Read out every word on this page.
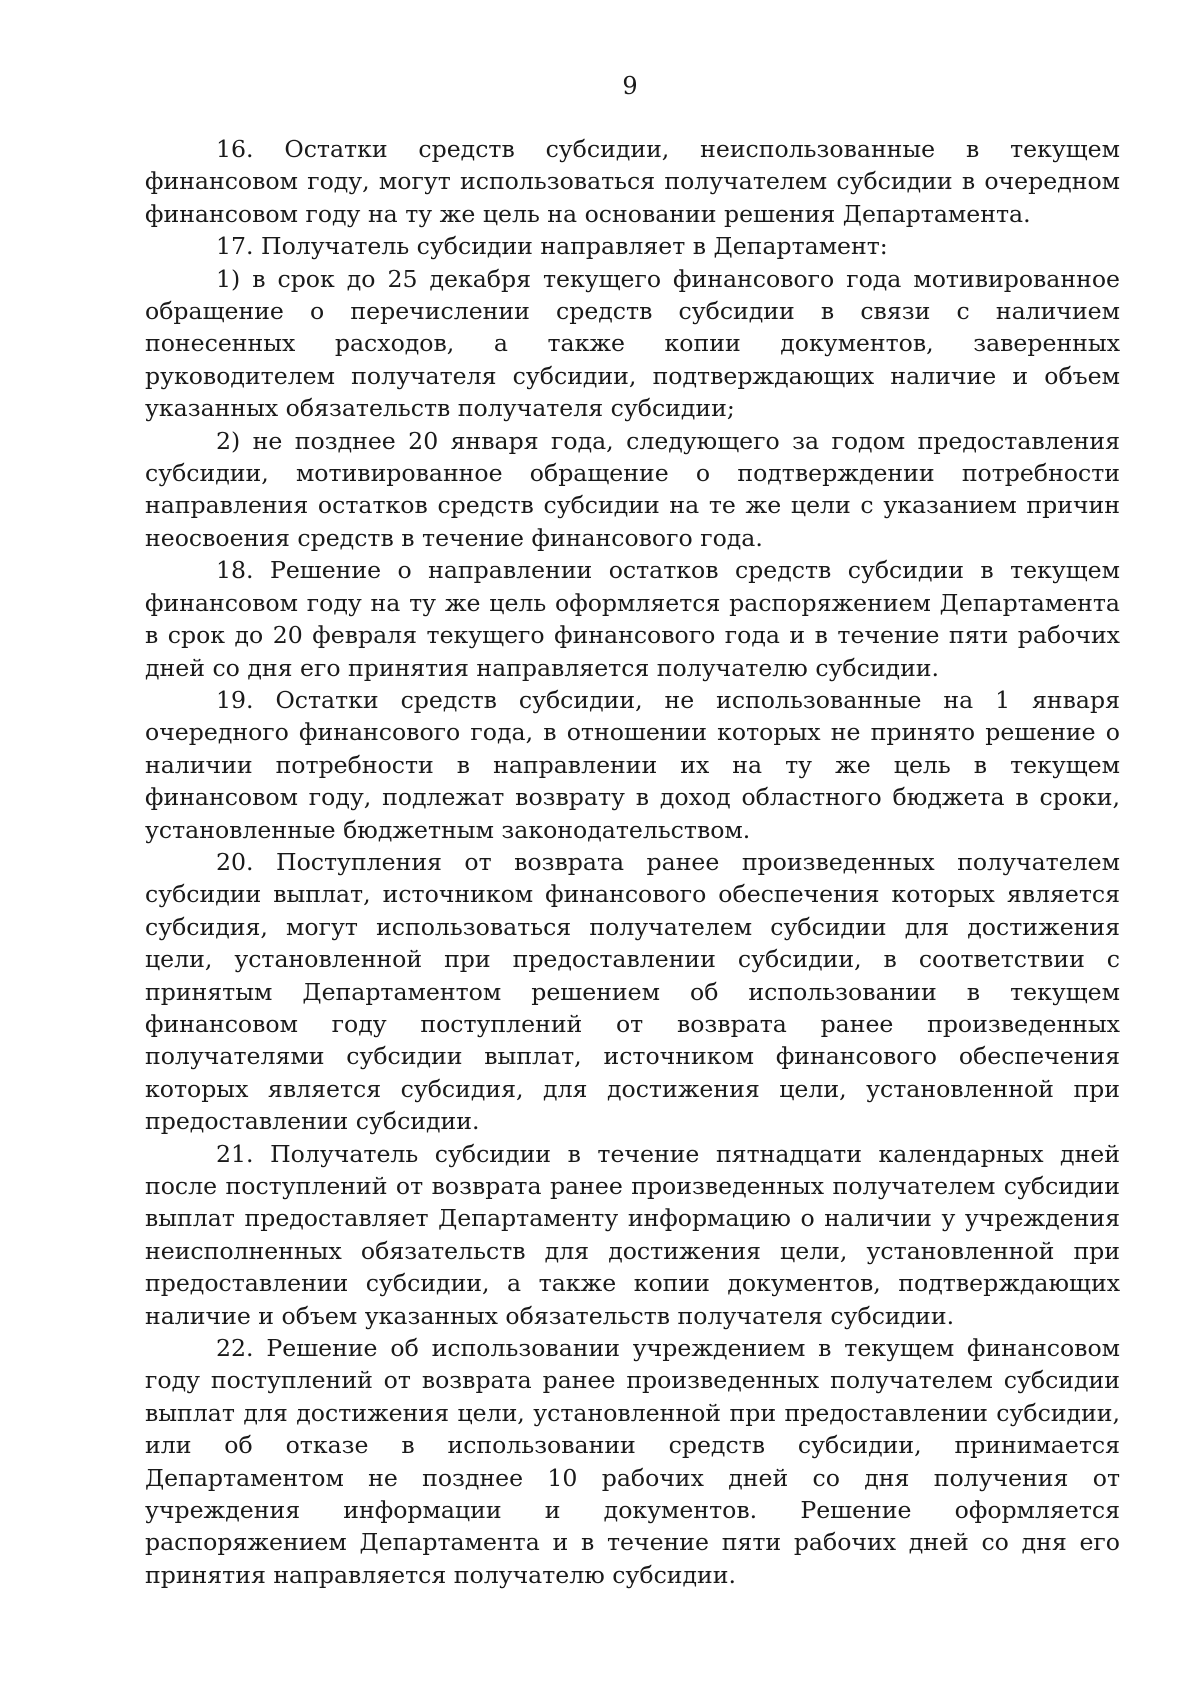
9

16. Остатки средств субсидии, неиспользованные в текущем финансовом году, могут использоваться получателем субсидии в очередном финансовом году на ту же цель на основании решения Департамента.

17. Получатель субсидии направляет в Департамент:

1) в срок до 25 декабря текущего финансового года мотивированное обращение о перечислении средств субсидии в связи с наличием понесенных расходов, а также копии документов, заверенных руководителем получателя субсидии, подтверждающих наличие и объем указанных обязательств получателя субсидии;

2) не позднее 20 января года, следующего за годом предоставления субсидии, мотивированное обращение о подтверждении потребности направления остатков средств субсидии на те же цели с указанием причин неосвоения средств в течение финансового года.

18. Решение о направлении остатков средств субсидии в текущем финансовом году на ту же цель оформляется распоряжением Департамента в срок до 20 февраля текущего финансового года и в течение пяти рабочих дней со дня его принятия направляется получателю субсидии.

19. Остатки средств субсидии, не использованные на 1 января очередного финансового года, в отношении которых не принято решение о наличии потребности в направлении их на ту же цель в текущем финансовом году, подлежат возврату в доход областного бюджета в сроки, установленные бюджетным законодательством.

20. Поступления от возврата ранее произведенных получателем субсидии выплат, источником финансового обеспечения которых является субсидия, могут использоваться получателем субсидии для достижения цели, установленной при предоставлении субсидии, в соответствии с принятым Департаментом решением об использовании в текущем финансовом году поступлений от возврата ранее произведенных получателями субсидии выплат, источником финансового обеспечения которых является субсидия, для достижения цели, установленной при предоставлении субсидии.

21. Получатель субсидии в течение пятнадцати календарных дней после поступлений от возврата ранее произведенных получателем субсидии выплат предоставляет Департаменту информацию о наличии у учреждения неисполненных обязательств для достижения цели, установленной при предоставлении субсидии, а также копии документов, подтверждающих наличие и объем указанных обязательств получателя субсидии.

22. Решение об использовании учреждением в текущем финансовом году поступлений от возврата ранее произведенных получателем субсидии выплат для достижения цели, установленной при предоставлении субсидии, или об отказе в использовании средств субсидии, принимается Департаментом не позднее 10 рабочих дней со дня получения от учреждения информации и документов. Решение оформляется распоряжением Департамента и в течение пяти рабочих дней со дня его принятия направляется получателю субсидии.
